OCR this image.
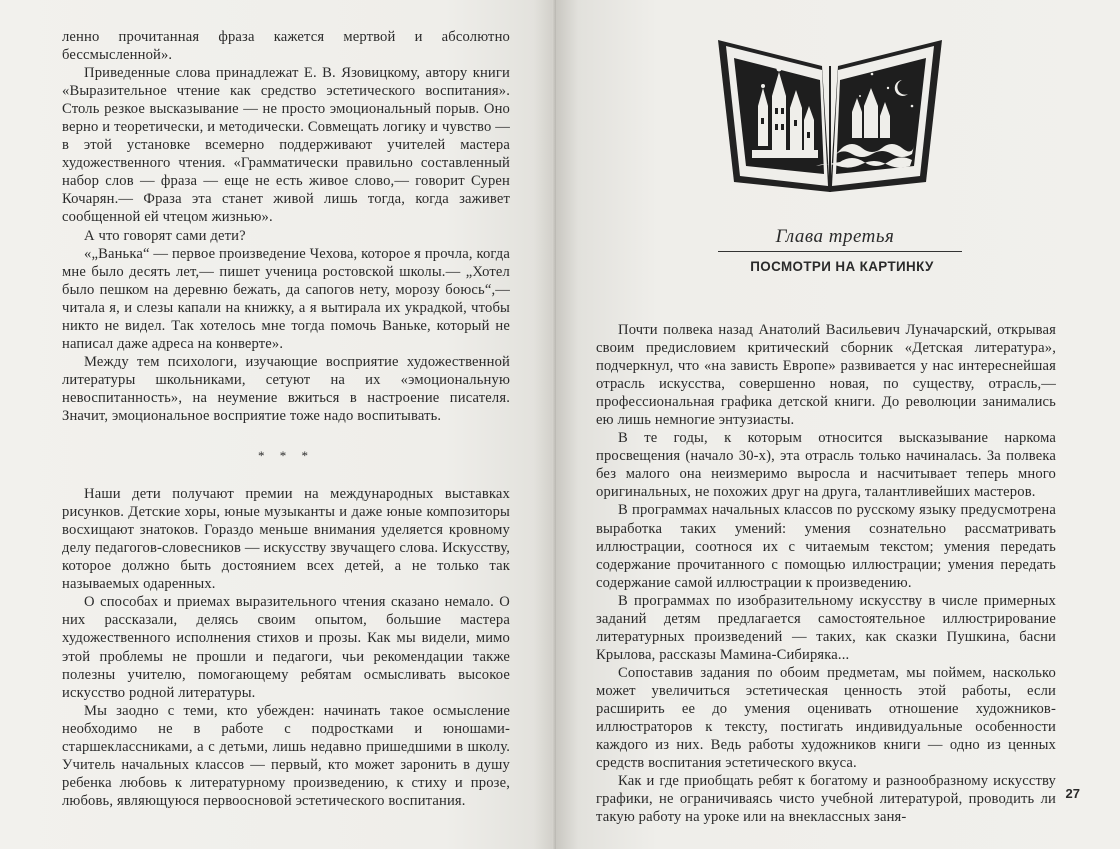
ленно прочитанная фраза кажется мертвой и абсолютно бессмысленной».

Приведенные слова принадлежат Е. В. Язовицкому, автору книги «Выразительное чтение как средство эстетического воспитания». Столь резкое высказывание — не просто эмоциональный порыв. Оно верно и теоретически, и методически. Совмещать логику и чувство — в этой установке всемерно поддерживают учителей мастера художественного чтения. «Грамматически правильно составленный набор слов — фраза — еще не есть живое слово,— говорит Сурен Кочарян.— Фраза эта станет живой лишь тогда, когда заживет сообщенной ей чтецом жизнью».

А что говорят сами дети?

«„Ванька“ — первое произведение Чехова, которое я прочла, когда мне было десять лет,— пишет ученица ростовской школы.— „Хотел было пешком на деревню бежать, да сапогов нету, морозу боюсь“,— читала я, и слезы капали на книжку, а я вытирала их украдкой, чтобы никто не видел. Так хотелось мне тогда помочь Ваньке, который не написал даже адреса на конверте».

Между тем психологи, изучающие восприятие художественной литературы школьниками, сетуют на их «эмоциональную невоспитанность», на неумение вжиться в настроение писателя. Значит, эмоциональное восприятие тоже надо воспитывать.

* * *

Наши дети получают премии на международных выставках рисунков. Детские хоры, юные музыканты и даже юные композиторы восхищают знатоков. Гораздо меньше внимания уделяется кровному делу педагогов-словесников — искусству звучащего слова. Искусству, которое должно быть достоянием всех детей, а не только так называемых одаренных.

О способах и приемах выразительного чтения сказано немало. О них рассказали, делясь своим опытом, большие мастера художественного исполнения стихов и прозы. Как мы видели, мимо этой проблемы не прошли и педагоги, чьи рекомендации также полезны учителю, помогающему ребятам осмысливать высокое искусство родной литературы.

Мы заодно с теми, кто убежден: начинать такое осмысление необходимо не в работе с подростками и юношами-старшеклассниками, а с детьми, лишь недавно пришедшими в школу. Учитель начальных классов — первый, кто может заронить в душу ребенка любовь к литературному произведению, к стиху и прозе, любовь, являющуюся первоосновой эстетического воспитания.

Глава третья
ПОСМОТРИ НА КАРТИНКУ

Почти полвека назад Анатолий Васильевич Луначарский, открывая своим предисловием критический сборник «Детская литература», подчеркнул, что «на зависть Европе» развивается у нас интереснейшая отрасль искусства, совершенно новая, по существу, отрасль,— профессиональная графика детской книги. До революции занимались ею лишь немногие энтузиасты.

В те годы, к которым относится высказывание наркома просвещения (начало 30-х), эта отрасль только начиналась. За полвека без малого она неизмеримо выросла и насчитывает теперь много оригинальных, не похожих друг на друга, талантливейших мастеров.

В программах начальных классов по русскому языку предусмотрена выработка таких умений: умения сознательно рассматривать иллюстрации, соотнося их с читаемым текстом; умения передать содержание прочитанного с помощью иллюстрации; умения передать содержание самой иллюстрации к произведению.

В программах по изобразительному искусству в числе примерных заданий детям предлагается самостоятельное иллюстрирование литературных произведений — таких, как сказки Пушкина, басни Крылова, рассказы Мамина-Сибиряка...

Сопоставив задания по обоим предметам, мы поймем, насколько может увеличиться эстетическая ценность этой работы, если расширить ее до умения оценивать отношение художников-иллюстраторов к тексту, постигать индивидуальные особенности каждого из них. Ведь работы художников книги — одно из ценных средств воспитания эстетического вкуса.

Как и где приобщать ребят к богатому и разнообразному искусству графики, не ограничиваясь чисто учебной литературой, проводить ли такую работу на уроке или на внеклассных заня-

27
